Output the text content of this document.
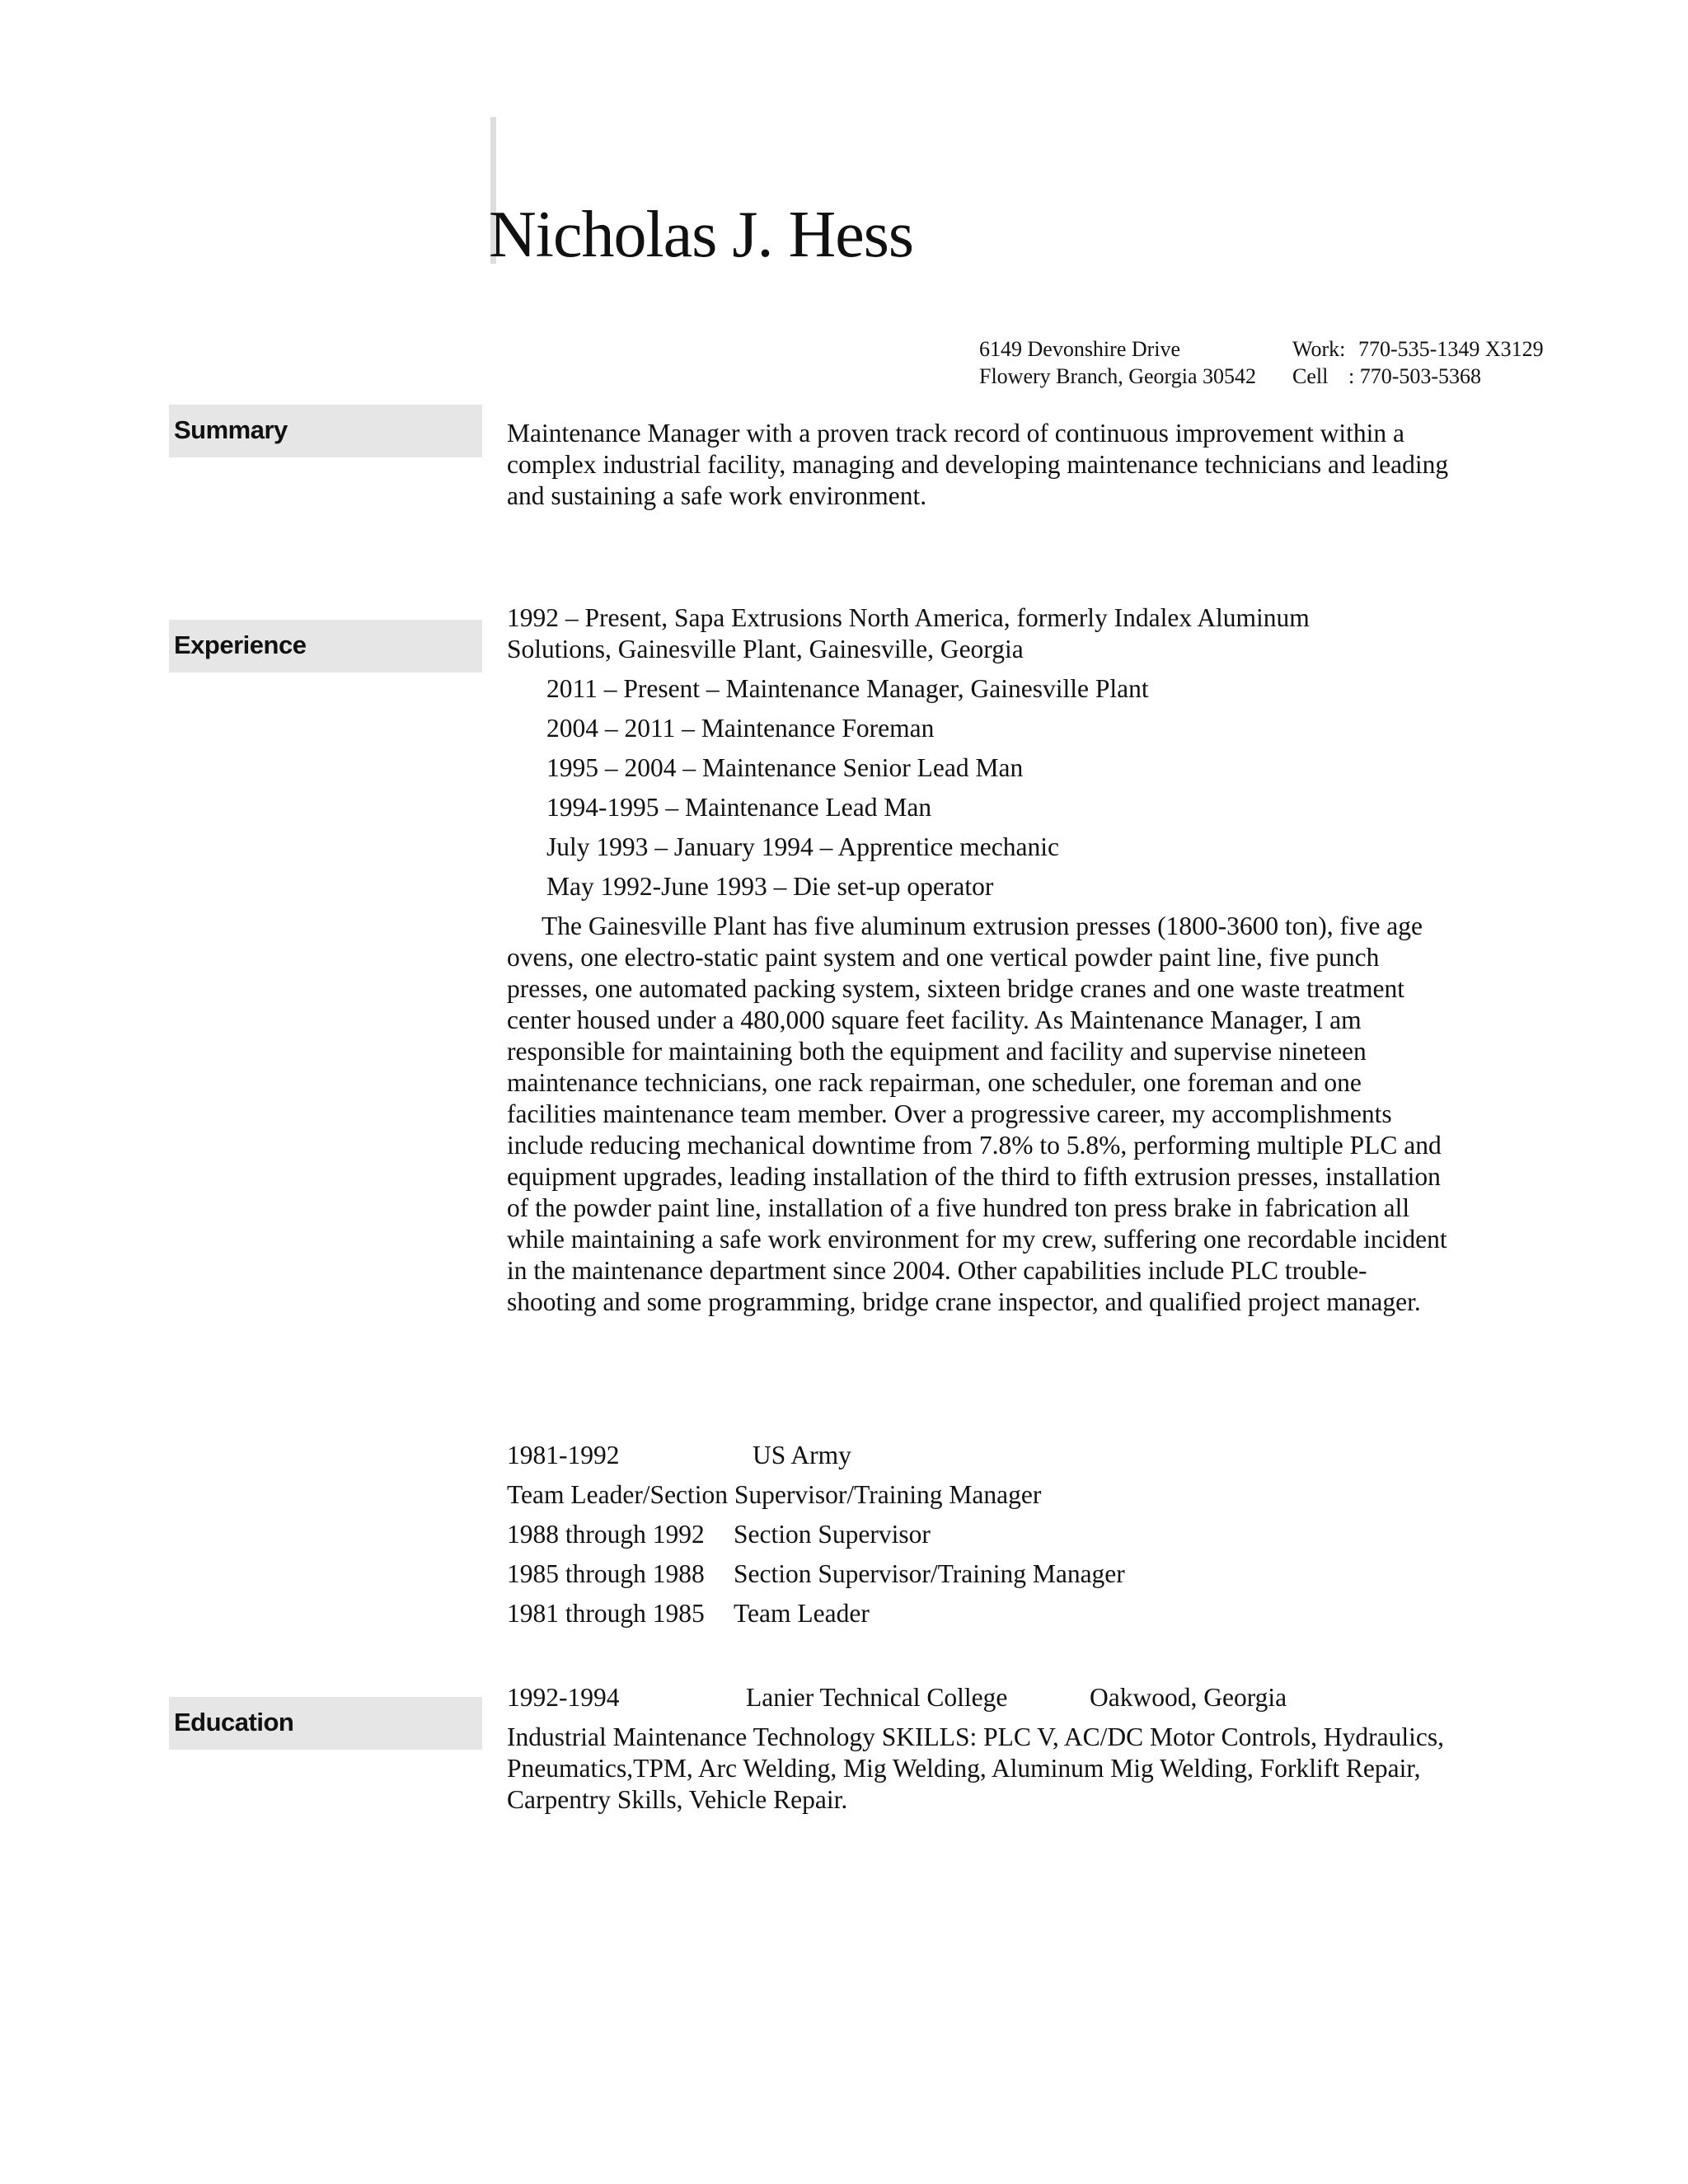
Nicholas J. Hess
6149 Devonshire Drive
Flowery Branch, Georgia 30542
Work: 770-535-1349 X3129
Cell : 770-503-5368
Summary	Maintenance Manager with a proven track record of continuous improvement within a complex industrial facility, managing and developing maintenance technicians and leading and sustaining a safe work environment.
Experience
1992 – Present, Sapa Extrusions North America, formerly Indalex Aluminum Solutions, Gainesville Plant, Gainesville, Georgia
2011 – Present – Maintenance Manager, Gainesville Plant
2004 – 2011 – Maintenance Foreman
1995 – 2004 – Maintenance Senior Lead Man
1994-1995 – Maintenance Lead Man
July 1993 – January 1994 – Apprentice mechanic
May 1992-June 1993 – Die set-up operator
The Gainesville Plant has five aluminum extrusion presses (1800-3600 ton), five age ovens, one electro-static paint system and one vertical powder paint line, five punch presses, one automated packing system, sixteen bridge cranes and one waste treatment center housed under a 480,000 square feet facility. As Maintenance Manager, I am responsible for maintaining both the equipment and facility and supervise nineteen maintenance technicians, one rack repairman, one scheduler, one foreman and one facilities maintenance team member. Over a progressive career, my accomplishments include reducing mechanical downtime from 7.8% to 5.8%, performing multiple PLC and equipment upgrades, leading installation of the third to fifth extrusion presses, installation of the powder paint line, installation of a five hundred ton press brake in fabrication all while maintaining a safe work environment for my crew, suffering one recordable incident in the maintenance department since 2004. Other capabilities include PLC trouble-shooting and some programming, bridge crane inspector, and qualified project manager.
1981-1992	US Army
Team Leader/Section Supervisor/Training Manager
1988 through 1992 Section Supervisor
1985 through 1988 Section Supervisor/Training Manager
1981 through 1985 Team Leader
Education
1992-1994	Lanier Technical College	Oakwood, Georgia
Industrial Maintenance Technology SKILLS: PLC V, AC/DC Motor Controls, Hydraulics, Pneumatics,TPM, Arc Welding, Mig Welding, Aluminum Mig Welding, Forklift Repair, Carpentry Skills, Vehicle Repair.
